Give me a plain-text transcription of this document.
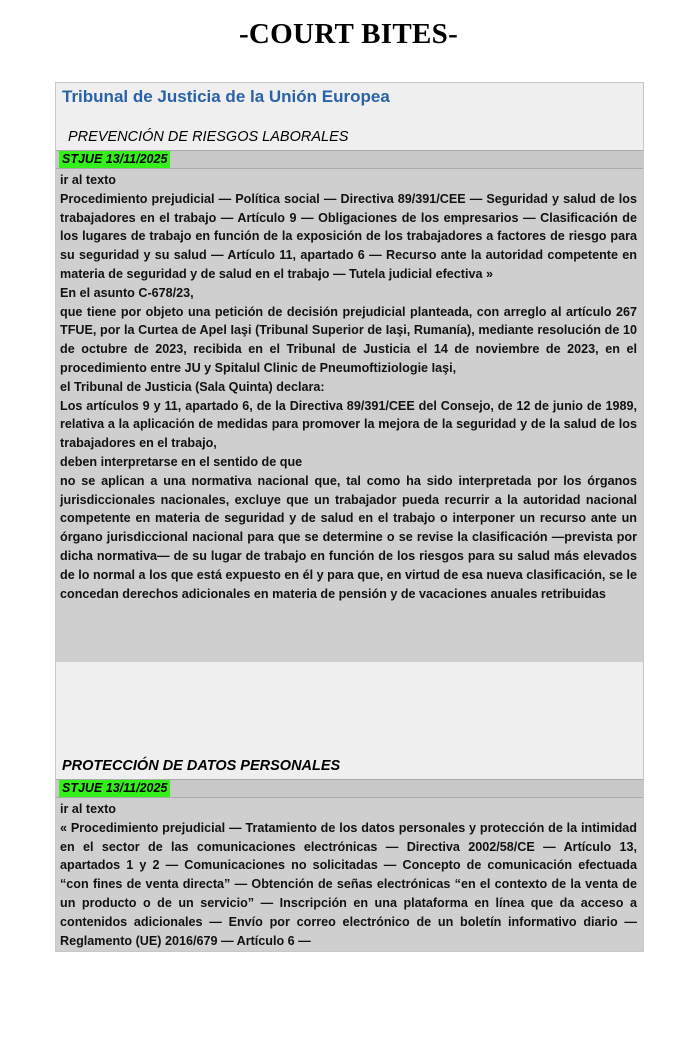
-COURT BITES-
Tribunal de Justicia de la Unión Europea
PREVENCIÓN DE RIESGOS LABORALES
STJUE 13/11/2025

ir al texto

Procedimiento prejudicial — Política social — Directiva 89/391/CEE — Seguridad y salud de los trabajadores en el trabajo — Artículo 9 — Obligaciones de los empresarios — Clasificación de los lugares de trabajo en función de la exposición de los trabajadores a factores de riesgo para su seguridad y su salud — Artículo 11, apartado 6 — Recurso ante la autoridad competente en materia de seguridad y de salud en el trabajo — Tutela judicial efectiva »

En el asunto C-678/23,

que tiene por objeto una petición de decisión prejudicial planteada, con arreglo al artículo 267 TFUE, por la Curtea de Apel Iaşi (Tribunal Superior de Iaşi, Rumanía), mediante resolución de 10 de octubre de 2023, recibida en el Tribunal de Justicia el 14 de noviembre de 2023, en el procedimiento entre JU y Spitalul Clinic de Pneumoftiziologie Iaşi,

el Tribunal de Justicia (Sala Quinta) declara:

Los artículos 9 y 11, apartado 6, de la Directiva 89/391/CEE del Consejo, de 12 de junio de 1989, relativa a la aplicación de medidas para promover la mejora de la seguridad y de la salud de los trabajadores en el trabajo,

deben interpretarse en el sentido de que

no se aplican a una normativa nacional que, tal como ha sido interpretada por los órganos jurisdiccionales nacionales, excluye que un trabajador pueda recurrir a la autoridad nacional competente en materia de seguridad y de salud en el trabajo o interponer un recurso ante un órgano jurisdiccional nacional para que se determine o se revise la clasificación —prevista por dicha normativa— de su lugar de trabajo en función de los riesgos para su salud más elevados de lo normal a los que está expuesto en él y para que, en virtud de esa nueva clasificación, se le concedan derechos adicionales en materia de pensión y de vacaciones anuales retribuidas

PROTECCIÓN DE DATOS PERSONALES
STJUE 13/11/2025

ir al texto

« Procedimiento prejudicial — Tratamiento de los datos personales y protección de la intimidad en el sector de las comunicaciones electrónicas — Directiva 2002/58/CE — Artículo 13, apartados 1 y 2 — Comunicaciones no solicitadas — Concepto de comunicación efectuada “con fines de venta directa” — Obtención de señas electrónicas “en el contexto de la venta de un producto o de un servicio” — Inscripción en una plataforma en línea que da acceso a contenidos adicionales — Envío por correo electrónico de un boletín informativo diario — Reglamento (UE) 2016/679 — Artículo 6 —
